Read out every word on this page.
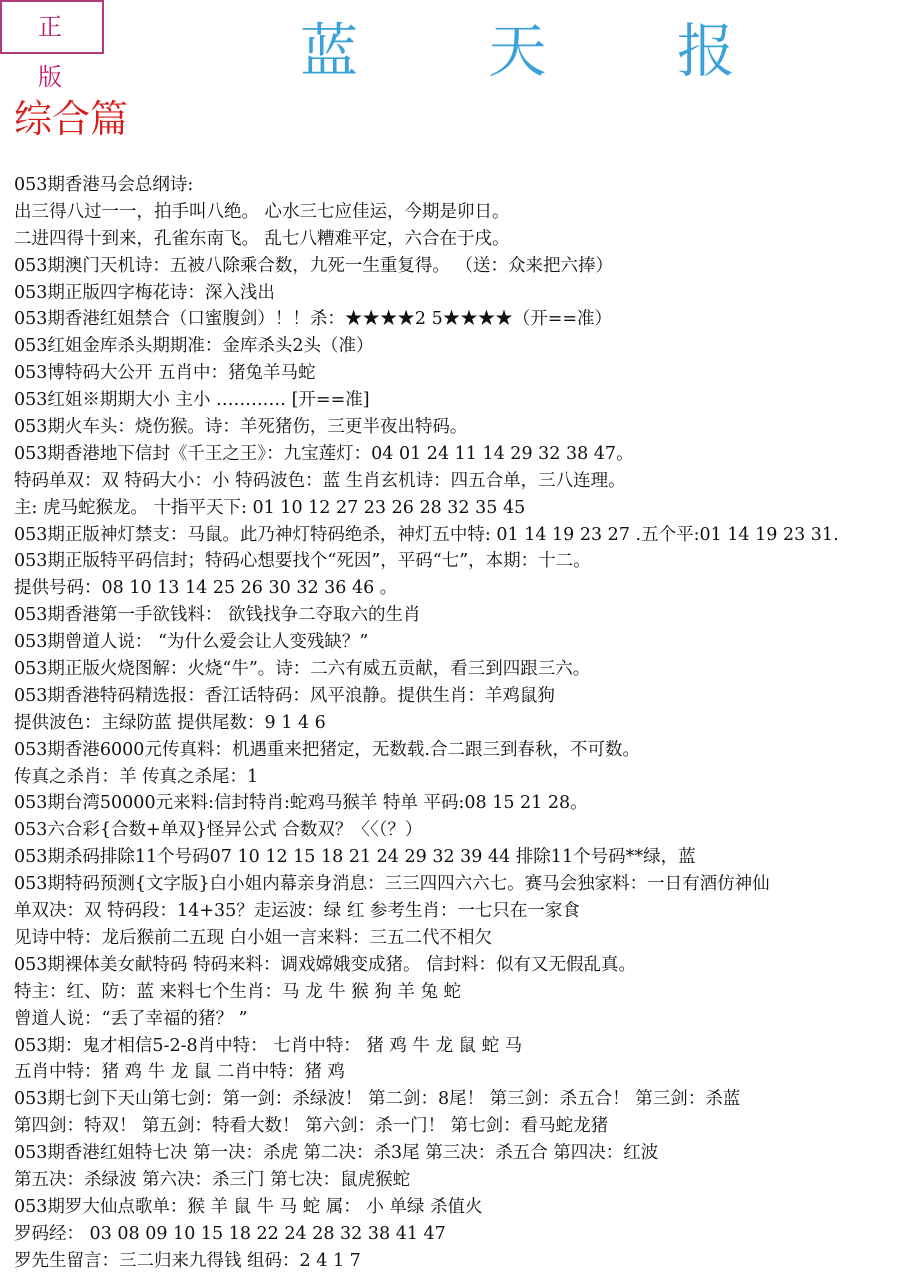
正 版	蓝 天 报
综合篇
053期香港马会总纲诗:
出三得八过一一，拍手叫八绝。 心水三七应佳运，今期是卯日。
二进四得十到来，孔雀东南飞。 乱七八糟难平定，六合在于戌。
053期澳门天机诗：五被八除乘合数，九死一生重复得。 （送：众来把六捧）
053期正版四字梅花诗：深入浅出
053期香港红姐禁合（口蜜腹剑）！！杀：★★★★2 5★★★★（开==准）
053红姐金库杀头期期准：金库杀头2头（准）
053博特码大公开 五肖中：猪兔羊马蛇
053红姐※期期大小 主小 ………… [开==准]
053期火车头：烧伤猴。诗：羊死猪伤，三更半夜出特码。
053期香港地下信封《千王之王》：九宝莲灯：04 01 24 11 14 29 32 38 47。
特码单双：双 特码大小：小 特码波色：蓝 生肖玄机诗：四五合单，三八连理。
主: 虎马蛇猴龙。 十指平天下: 01 10 12 27 23 26 28 32 35 45
053期正版神灯禁支：马鼠。此乃神灯特码绝杀，神灯五中特: 01 14 19 23 27 .五个平:01 14 19 23 31.
053期正版特平码信封；特码心想要找个“死因”，平码“七”，本期：十二。
提供号码：08 10 13 14 25 26 30 32 36 46 。
053期香港第一手欲钱料： 欲钱找争二夺取六的生肖
053期曾道人说： “为什么爱会让人变残缺？”
053期正版火烧图解：火烧“牛”。诗：二六有威五贡献，看三到四跟三六。
053期香港特码精选报：香江话特码：风平浪静。提供生肖：羊鸡鼠狗
提供波色：主绿防蓝 提供尾数：9 1 4 6
053期香港6000元传真料：机遇重来把猪定，无数载.合二跟三到春秋，不可数。
传真之杀肖：羊 传真之杀尾：1
053期台湾50000元来料:信封特肖:蛇鸡马猴羊 特单 平码:08 15 21 28。
053六合彩{合数+单双}怪异公式 合数双？〈〈（？）
053期杀码排除11个号码07 10 12 15 18 21 24 29 32 39 44 排除11个号码**绿，蓝
053期特码预测{文字版}白小姐内幕亲身消息：三三四四六六七。赛马会独家料：一日有酒仿神仙
单双决：双 特码段：14+35？走运波：绿 红 参考生肖：一七只在一家食
见诗中特：龙后猴前二五现 白小姐一言来料：三五二代不相欠
053期裸体美女献特码 特码来料：调戏嫦娥变成猪。 信封料：似有又无假乱真。
特主：红、防：蓝 来料七个生肖：马 龙 牛 猴 狗 羊 兔 蛇
曾道人说：“丢了幸福的猪？ ”
053期：鬼才相信5-2-8肖中特： 七肖中特： 猪 鸡 牛 龙 鼠 蛇 马
五肖中特：猪 鸡 牛 龙 鼠 二肖中特：猪 鸡
053期七剑下天山第七剑：第一剑：杀绿波！ 第二剑：8尾！ 第三剑：杀五合！ 第三剑：杀蓝
第四剑：特双！ 第五剑：特看大数！ 第六剑：杀一门！ 第七剑：看马蛇龙猪
053期香港红姐特七决 第一决：杀虎 第二决：杀3尾 第三决：杀五合 第四决：红波
第五决：杀绿波 第六决：杀三门 第七决：鼠虎猴蛇
053期罗大仙点歌单：猴 羊 鼠 牛 马 蛇 属： 小 单绿 杀值火
罗码经： 03 08 09 10 15 18 22 24 28 32 38 41 47
罗先生留言：三二归来九得钱 组码：2 4 1 7
